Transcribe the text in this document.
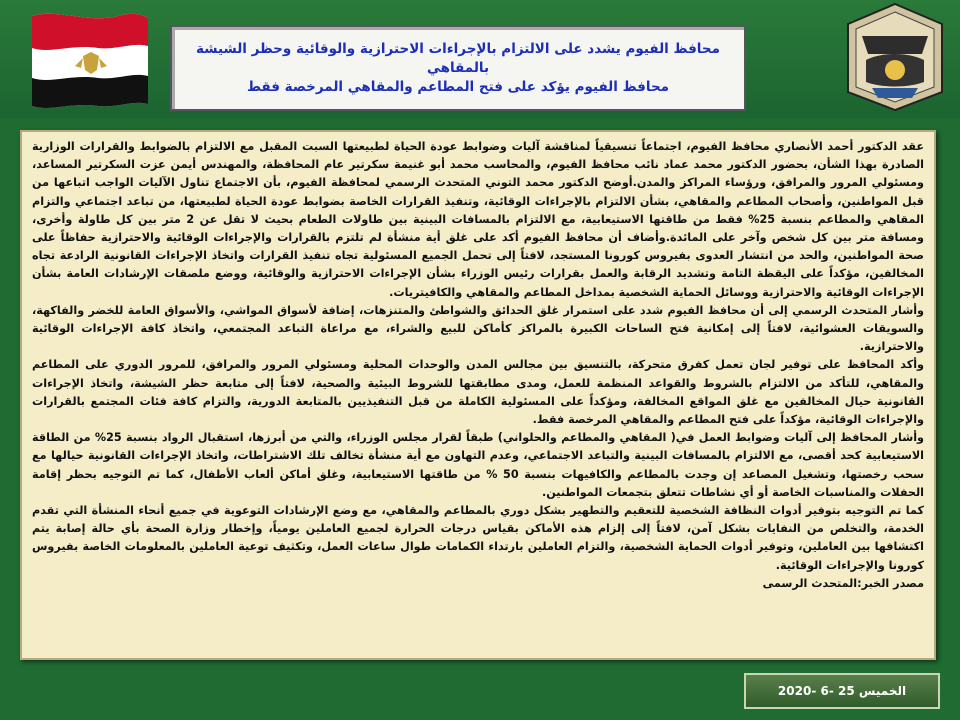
محافظ الفيوم يشدد على الالتزام بالإجراءات الاحترازية والوقائية وحظر الشيشة بالمقاهي
محافظ الفيوم يؤكد على فتح المطاعم والمقاهي المرخصة فقط

عقد الدكتور أحمد الأنصاري محافظ الفيوم، اجتماعاً تنسيقياً لمناقشة آليات وضوابط عودة الحياة لطبيعتها السبت المقبل مع الالتزام بالضوابط والقرارات الوزارية الصادرة بهذا الشأن، بحضور الدكتور محمد عماد نائب محافظ الفيوم، والمحاسب محمد أبو غنيمة سكرتير عام المحافظة، والمهندس أيمن عزت السكرتير المساعد، ومسئولي المرور والمرافق، ورؤساء المراكز والمدن.أوضح الدكتور محمد التوني المتحدث الرسمي لمحافظة الفيوم، بأن الاجتماع تناول الآليات الواجب اتباعها من قبل المواطنين، وأصحاب المطاعم والمقاهي، بشأن الالتزام بالإجراءات الوقائية، وتنفيذ القرارات الخاصة بضوابط عودة الحياة لطبيعتها، من تباعد اجتماعي والتزام المقاهي والمطاعم بنسبة 25% فقط من طاقتها الاستيعابية، مع الالتزام بالمسافات البينية بين طاولات الطعام بحيث لا تقل عن 2 متر بين كل طاولة وأخرى، ومسافة متر بين كل شخص وآخر على المائدة.وأضاف أن محافظ الفيوم أكد على غلق أية منشأة لم تلتزم بالقرارات والإجراءات الوقائية والاحترازية حفاظاً على صحة المواطنين، والحد من انتشار العدوى بفيروس كورونا المستجد، لافتاً إلى تحمل الجميع المسئولية تجاه تنفيذ القرارات واتخاذ الإجراءات القانونية الرادعة تجاه المخالفين، مؤكداً على اليقظة التامة وتشديد الرقابة والعمل بقرارات رئيس الوزراء بشأن الإجراءات الاحترازية والوقائية، ووضع ملصقات الإرشادات العامة بشأن الإجراءات الوقائية والاحترازية ووسائل الحماية الشخصية بمداخل المطاعم والمقاهي والكافيتريات.

وأشار المتحدث الرسمي إلى أن محافظ الفيوم شدد على استمرار غلق الحدائق والشواطئ والمتنزهات، إضافة لأسواق المواشي، والأسواق العامة للخضر والفاكهة، والسويقات العشوائية، لافتاً إلى إمكانية فتح الساحات الكبيرة بالمراكز كأماكن للبيع والشراء، مع مراعاة التباعد المجتمعي، واتخاذ كافة الإجراءات الوقائية والاحترازية.

وأكد المحافظ على توفير لجان تعمل كفرق متحركة، بالتنسيق بين مجالس المدن والوحدات المحلية ومسئولي المرور والمرافق، للمرور الدوري على المطاعم والمقاهي، للتأكد من الالتزام بالشروط والقواعد المنظمة للعمل، ومدى مطابقتها للشروط البيئية والصحية، لافتاً إلى متابعة حظر الشيشة، واتخاذ الإجراءات القانونية حيال المخالفين مع غلق المواقع المخالفة، ومؤكداً على المسئولية الكاملة من قبل التنفيذيين بالمتابعة الدورية، والتزام كافة فئات المجتمع بالقرارات والإجراءات الوقائية، مؤكداً على فتح المطاعم والمقاهي المرخصة فقط.

وأشار المحافظ إلى آليات وضوابط العمل في( المقاهي والمطاعم والحلواني) طبقاً لقرار مجلس الوزراء، والتي من أبرزها، استقبال الرواد بنسبة 25% من الطاقة الاستيعابية كحد أقصى، مع الالتزام بالمسافات البينية والتباعد الاجتماعي، وعدم التهاون مع أية منشأة تخالف تلك الاشتراطات، واتخاذ الإجراءات القانونية حيالها مع سحب رخصتها، وتشغيل المصاعد إن وجدت بالمطاعم والكافيهات بنسبة 50 % من طاقتها الاستيعابية، وغلق أماكن ألعاب الأطفال، كما تم التوجيه بحظر إقامة الحفلات والمناسبات الخاصة أو أي نشاطات تتعلق بتجمعات المواطنين.

كما تم التوجيه بتوفير أدوات النظافة الشخصية للتعقيم والتطهير بشكل دوري بالمطاعم والمقاهي، مع وضع الإرشادات التوعوية في جميع أنحاء المنشأة التي تقدم الخدمة، والتخلص من النفايات بشكل آمن، لافتاً إلى إلزام هذه الأماكن بقياس درجات الحرارة لجميع العاملين يومياً، وإخطار وزارة الصحة بأي حالة إصابة يتم اكتشافها بين العاملين، وتوفير أدوات الحماية الشخصية، والتزام العاملين بارتداء الكمامات طوال ساعات العمل، وتكثيف توعية العاملين بالمعلومات الخاصة بفيروس كورونا والإجراءات الوقائية.

مصدر الخبر:المتحدث الرسمى

الخميس 25 -6 -2020
